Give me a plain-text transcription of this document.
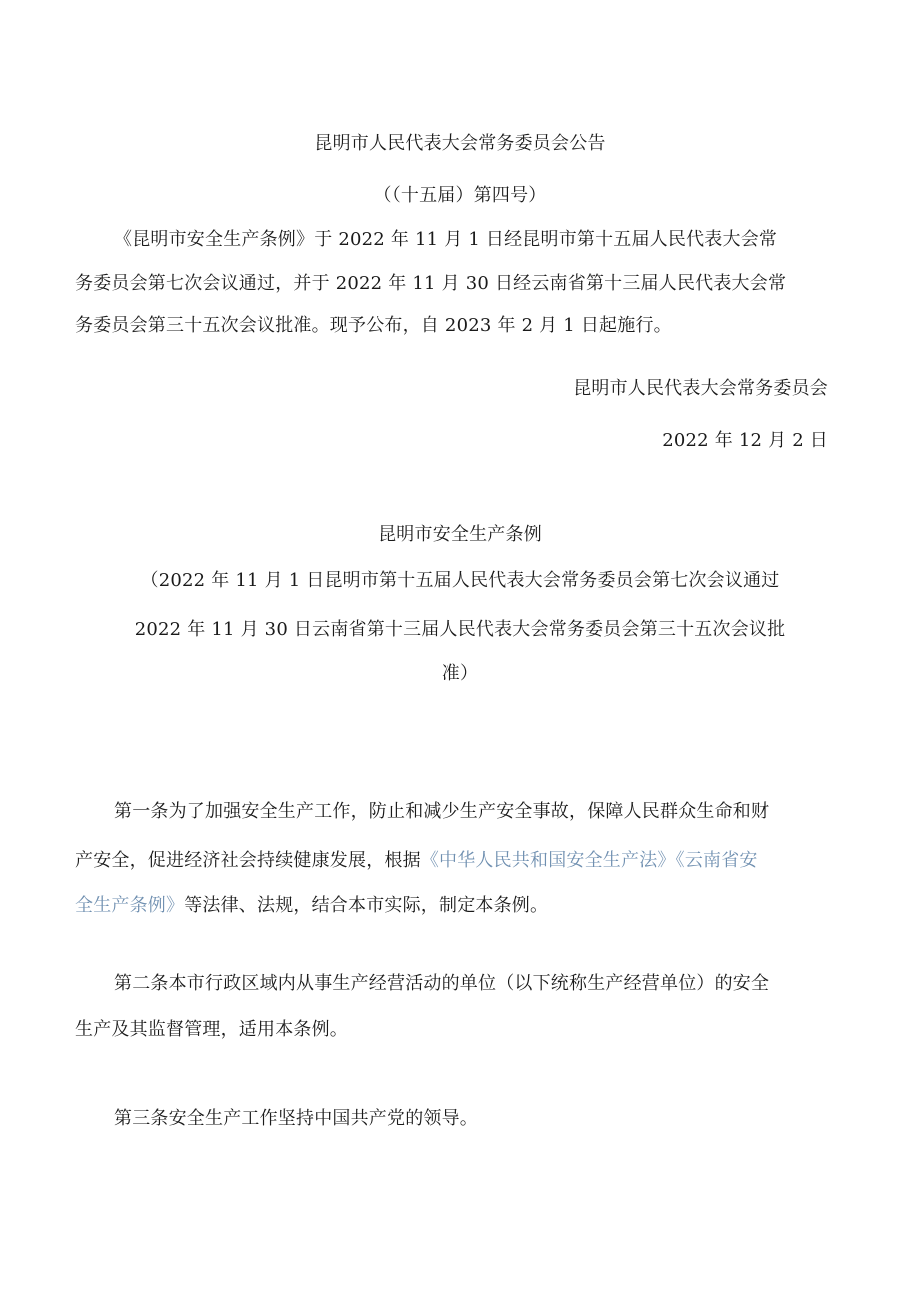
昆明市人民代表大会常务委员会公告
（（十五届）第四号）
《昆明市安全生产条例》于 2022 年 11 月 1 日经昆明市第十五届人民代表大会常
务委员会第七次会议通过，并于 2022 年 11 月 30 日经云南省第十三届人民代表大会常
务委员会第三十五次会议批准。现予公布，自 2023 年 2 月 1 日起施行。
昆明市人民代表大会常务委员会
2022 年 12 月 2 日
昆明市安全生产条例
（2022 年 11 月 1 日昆明市第十五届人民代表大会常务委员会第七次会议通过
2022 年 11 月 30 日云南省第十三届人民代表大会常务委员会第三十五次会议批
准）
第一条为了加强安全生产工作，防止和减少生产安全事故，保障人民群众生命和财
产安全，促进经济社会持续健康发展，根据《中华人民共和国安全生产法》《云南省安
全生产条例》等法律、法规，结合本市实际，制定本条例。
第二条本市行政区域内从事生产经营活动的单位（以下统称生产经营单位）的安全
生产及其监督管理，适用本条例。
第三条安全生产工作坚持中国共产党的领导。
